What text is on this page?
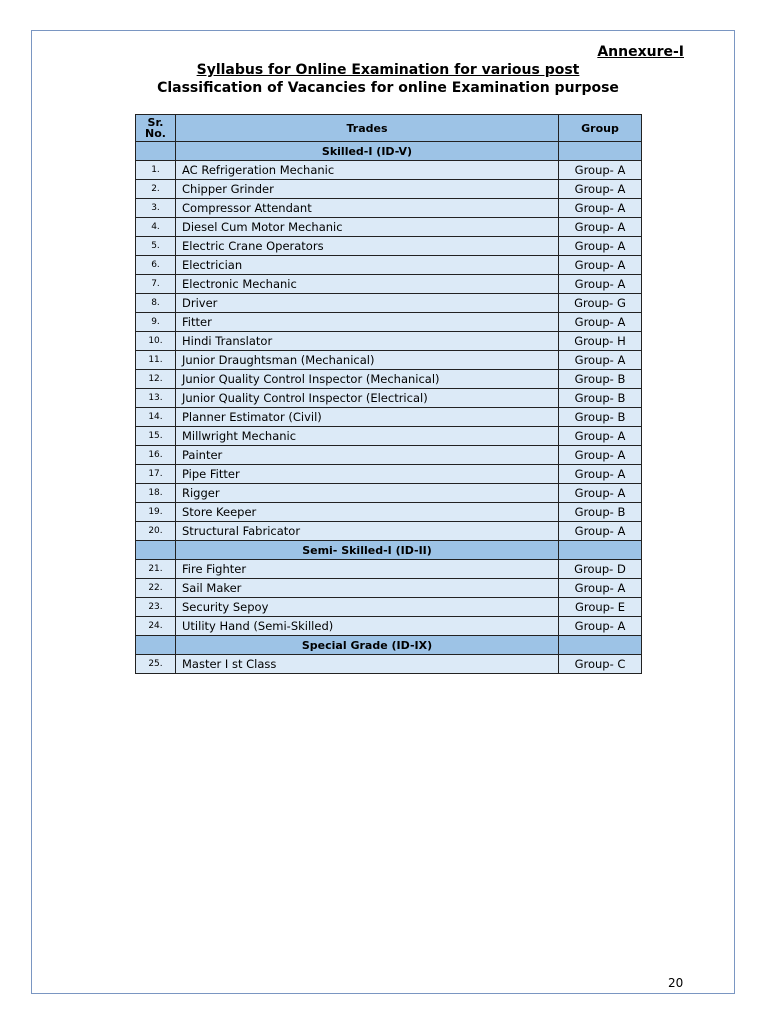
Annexure-I
Syllabus for Online Examination for various post
Classification of Vacancies for online Examination purpose
Sr.
No.	Trades	Group
	Skilled-I (ID-V)	
1.	AC Refrigeration Mechanic	Group- A
2.	Chipper Grinder	Group- A
3.	Compressor Attendant	Group- A
4.	Diesel Cum Motor Mechanic	Group- A
5.	Electric Crane Operators	Group- A
6.	Electrician	Group- A
7.	Electronic Mechanic	Group- A
8.	Driver	Group- G
9.	Fitter	Group- A
10.	Hindi Translator	Group- H
11.	Junior Draughtsman (Mechanical)	Group- A
12.	Junior Quality Control Inspector (Mechanical)	Group- B
13.	Junior Quality Control Inspector (Electrical)	Group- B
14.	Planner Estimator (Civil)	Group- B
15.	Millwright Mechanic	Group- A
16.	Painter	Group- A
17.	Pipe Fitter	Group- A
18.	Rigger	Group- A
19.	Store Keeper	Group- B
20.	Structural Fabricator	Group- A
	Semi- Skilled-I (ID-II)	
21.	Fire Fighter	Group- D
22.	Sail Maker	Group- A
23.	Security Sepoy	Group- E
24.	Utility Hand (Semi-Skilled)	Group- A
	Special Grade (ID-IX)	
25.	Master I st Class	Group- C
20
